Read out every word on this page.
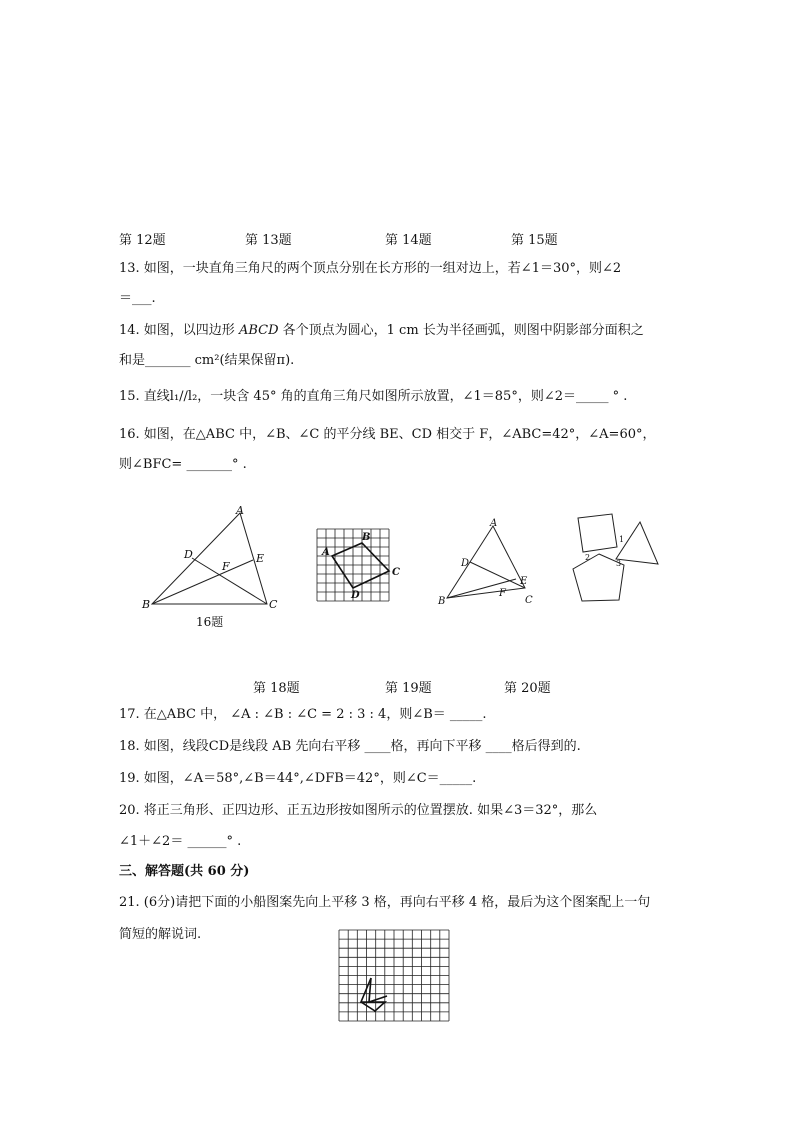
第 12题	第 13题	第 14题	第 15题
13. 如图，一块直角三角尺的两个顶点分别在长方形的一组对边上，若∠1＝30°，则∠2
＝___.
14. 如图，以四边形 ABCD 各个顶点为圆心，1 cm 长为半径画弧，则图中阴影部分面积之
和是_______ cm²(结果保留π).
15. 直线l₁//l₂，一块含 45° 角的直角三角尺如图所示放置，∠1＝85°，则∠2＝_____ ° .
16. 如图，在△ABC 中，∠B、∠C 的平分线 BE、CD 相交于 F，∠ABC=42°，∠A=60°，
则∠BFC= _______° .
A
D	E
F
B	C
16题
A
B
C
D
A
D
E
F
B	C
1
2
3
第 18题	第 19题	第 20题
17. 在△ABC 中， ∠A : ∠B : ∠C = 2 : 3 : 4，则∠B＝ _____.
18. 如图，线段CD是线段 AB 先向右平移 ____格，再向下平移 ____格后得到的.
19. 如图，∠A＝58°,∠B＝44°,∠DFB＝42°，则∠C＝_____.
20. 将正三角形、正四边形、正五边形按如图所示的位置摆放. 如果∠3＝32°，那么
∠1＋∠2＝ ______° .
三、解答题(共 60 分)
21. (6分)请把下面的小船图案先向上平移 3 格，再向右平移 4 格，最后为这个图案配上一句
简短的解说词.
